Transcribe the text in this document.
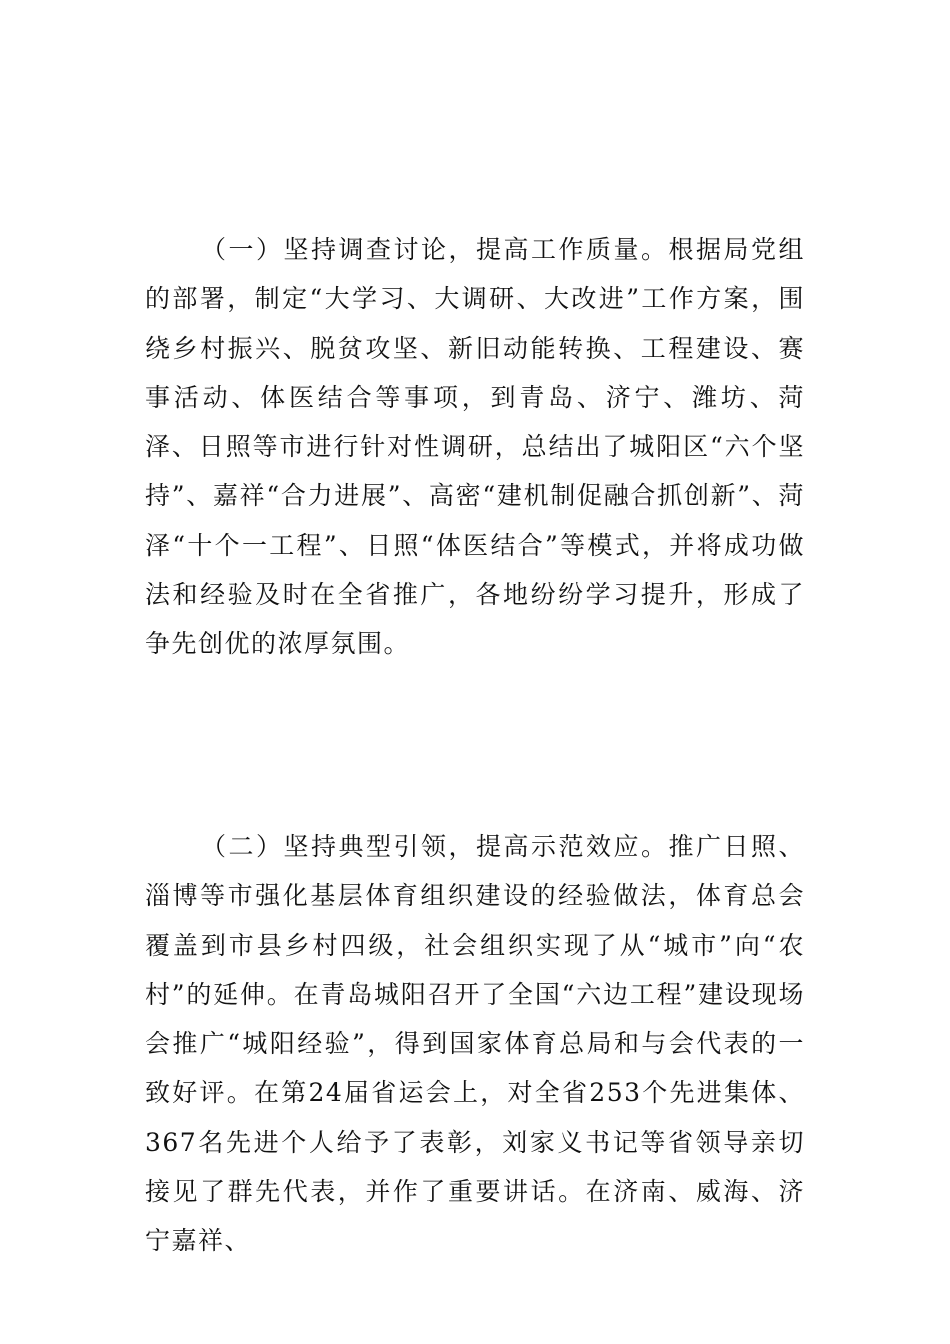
（一）坚持调查讨论，提高工作质量。根据局党组的部署，制定“大学习、大调研、大改进”工作方案，围绕乡村振兴、脱贫攻坚、新旧动能转换、工程建设、赛事活动、体医结合等事项，到青岛、济宁、潍坊、菏泽、日照等市进行针对性调研，总结出了城阳区“六个坚持”、嘉祥“合力进展”、高密“建机制促融合抓创新”、菏泽“十个一工程”、日照“体医结合”等模式，并将成功做法和经验及时在全省推广，各地纷纷学习提升，形成了争先创优的浓厚氛围。

（二）坚持典型引领，提高示范效应。推广日照、淄博等市强化基层体育组织建设的经验做法，体育总会覆盖到市县乡村四级，社会组织实现了从“城市”向“农村”的延伸。在青岛城阳召开了全国“六边工程”建设现场会推广“城阳经验”，得到国家体育总局和与会代表的一致好评。在第24届省运会上，对全省253个先进集体、367名先进个人给予了表彰，刘家义书记等省领导亲切接见了群先代表，并作了重要讲话。在济南、威海、济宁嘉祥、
